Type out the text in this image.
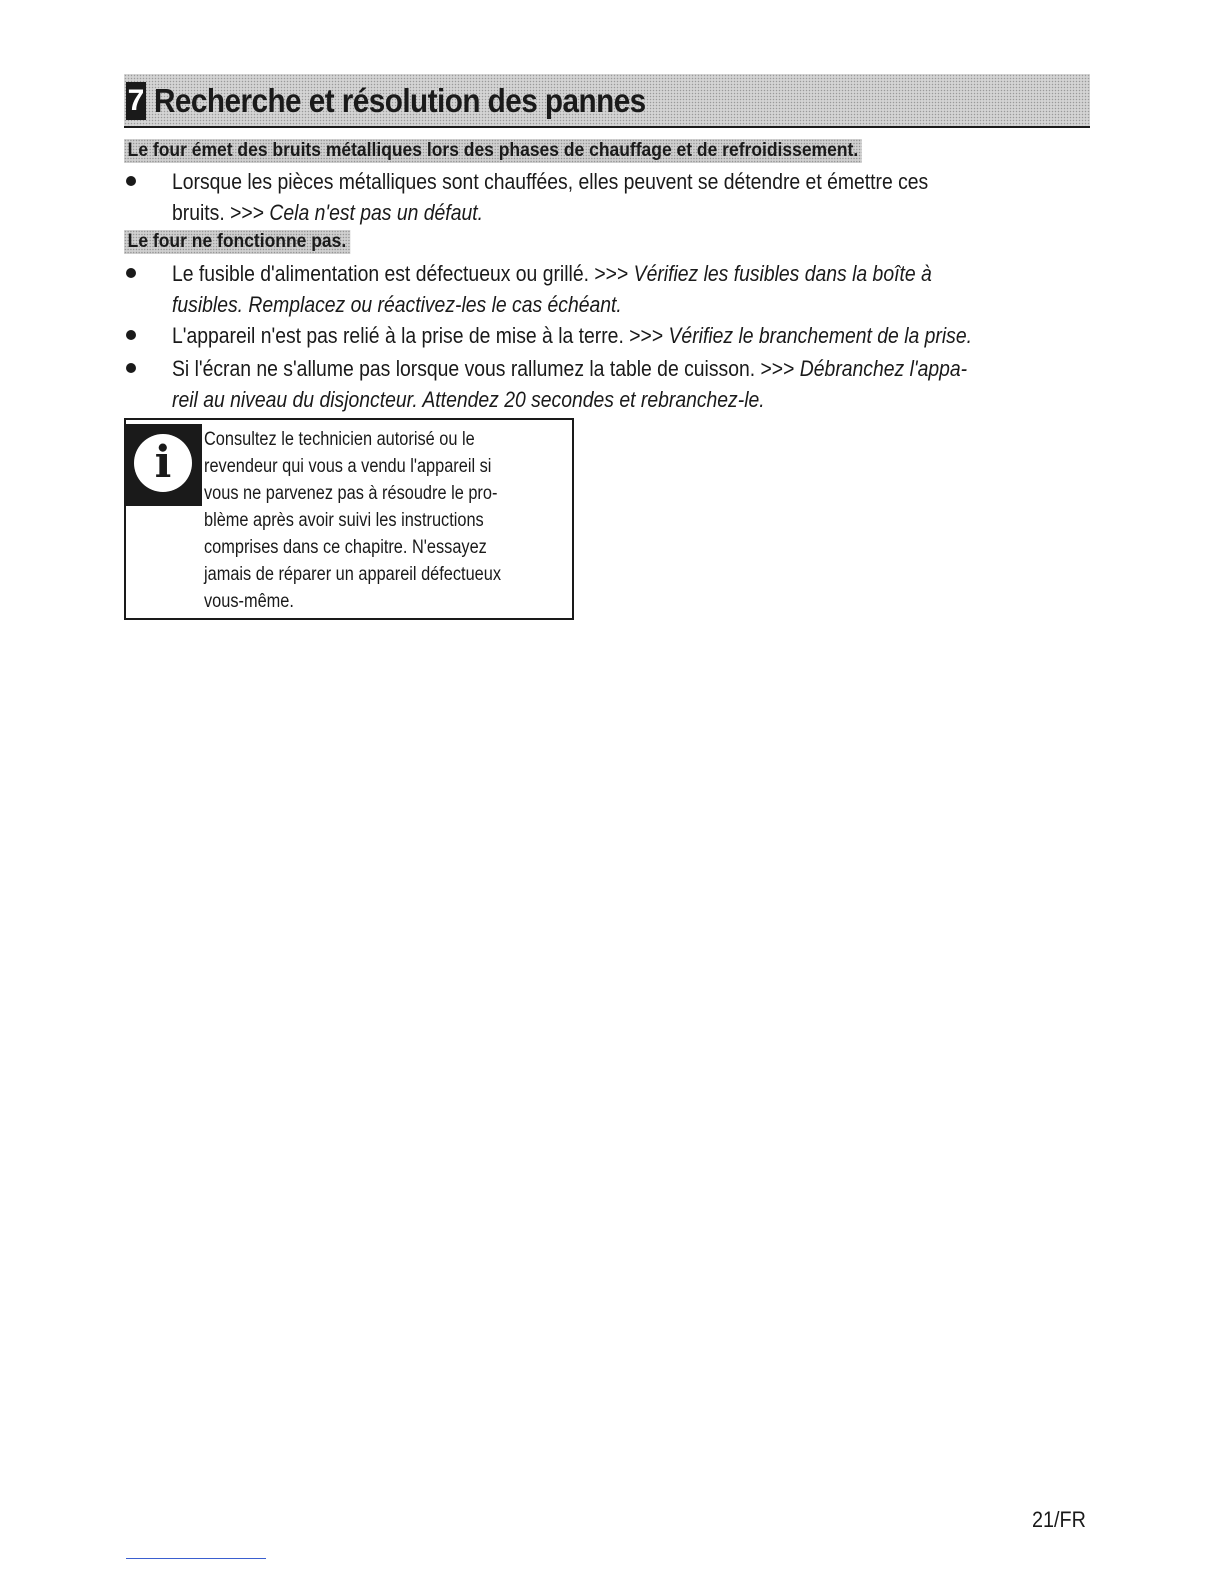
7 Recherche et résolution des pannes
Le four émet des bruits métalliques lors des phases de chauffage et de refroidissement.
Lorsque les pièces métalliques sont chauffées, elles peuvent se détendre et émettre ces
bruits. >>> Cela n'est pas un défaut.
Le four ne fonctionne pas.
Le fusible d'alimentation est défectueux ou grillé. >>> Vérifiez les fusibles dans la boîte à
fusibles. Remplacez ou réactivez-les le cas échéant.
L'appareil n'est pas relié à la prise de mise à la terre. >>> Vérifiez le branchement de la prise.
Si l'écran ne s'allume pas lorsque vous rallumez la table de cuisson. >>> Débranchez l'appa-
reil au niveau du disjoncteur. Attendez 20 secondes et rebranchez-le.
i	Consultez le technicien autorisé ou le
revendeur qui vous a vendu l'appareil si
vous ne parvenez pas à résoudre le pro-
blème après avoir suivi les instructions
comprises dans ce chapitre. N'essayez
jamais de réparer un appareil défectueux
vous-même.
21/FR
